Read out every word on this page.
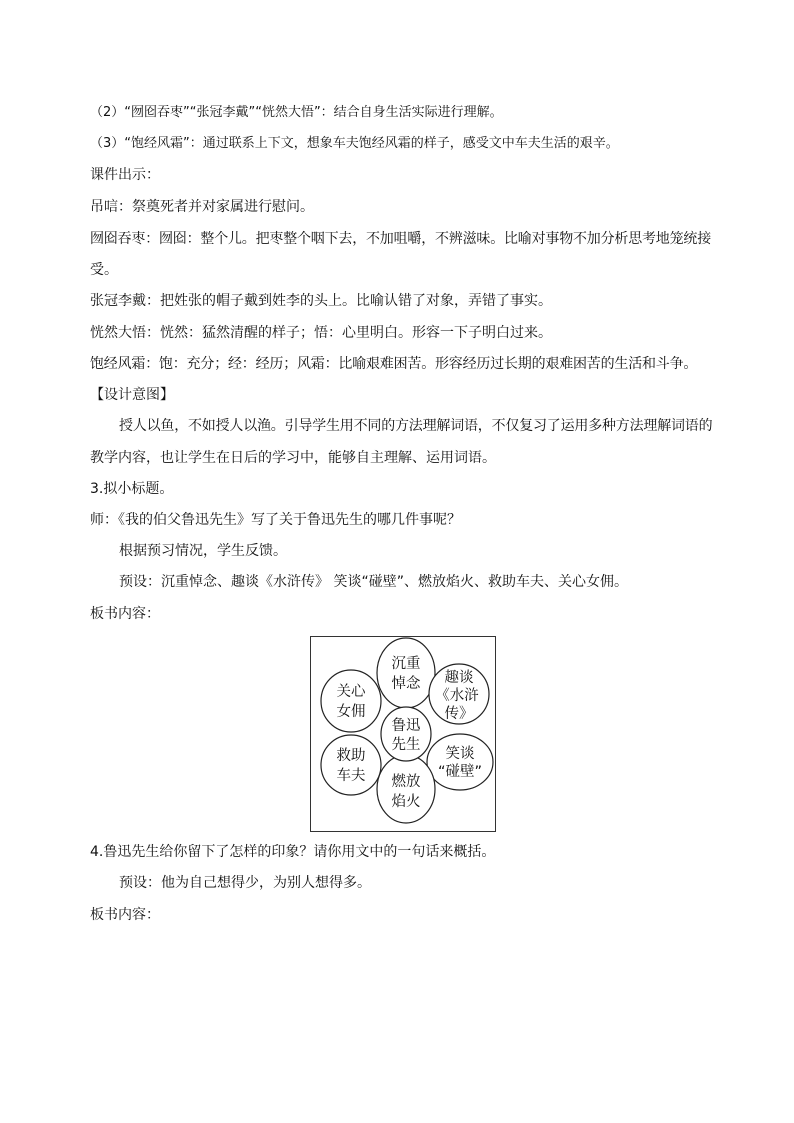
（2）“囫囵吞枣”“张冠李戴”“恍然大悟”：结合自身生活实际进行理解。
（3）“饱经风霜”：通过联系上下文，想象车夫饱经风霜的样子，感受文中车夫生活的艰辛。
课件出示：
吊唁：祭奠死者并对家属进行慰问。
囫囵吞枣：囫囵：整个儿。把枣整个咽下去，不加咀嚼，不辨滋味。比喻对事物不加分析思考地笼统接
受。
张冠李戴：把姓张的帽子戴到姓李的头上。比喻认错了对象，弄错了事实。
恍然大悟：恍然：猛然清醒的样子；悟：心里明白。形容一下子明白过来。
饱经风霜：饱：充分；经：经历；风霜：比喻艰难困苦。形容经历过长期的艰难困苦的生活和斗争。
【设计意图】
授人以鱼，不如授人以渔。引导学生用不同的方法理解词语，不仅复习了运用多种方法理解词语的
教学内容，也让学生在日后的学习中，能够自主理解、运用词语。
3.拟小标题。
师：《我的伯父鲁迅先生》写了关于鲁迅先生的哪几件事呢？
根据预习情况，学生反馈。
预设：沉重悼念、趣谈《水浒传》 笑谈“碰壁”、燃放焰火、救助车夫、关心女佣。
板书内容：
沉重
悼念 趣谈
《水浒
传》
笑谈
“碰壁”
燃放
焰火
救助
车夫
关心
女佣
鲁迅
先生
4.鲁迅先生给你留下了怎样的印象？请你用文中的一句话来概括。
预设：他为自己想得少，为别人想得多。
板书内容：
